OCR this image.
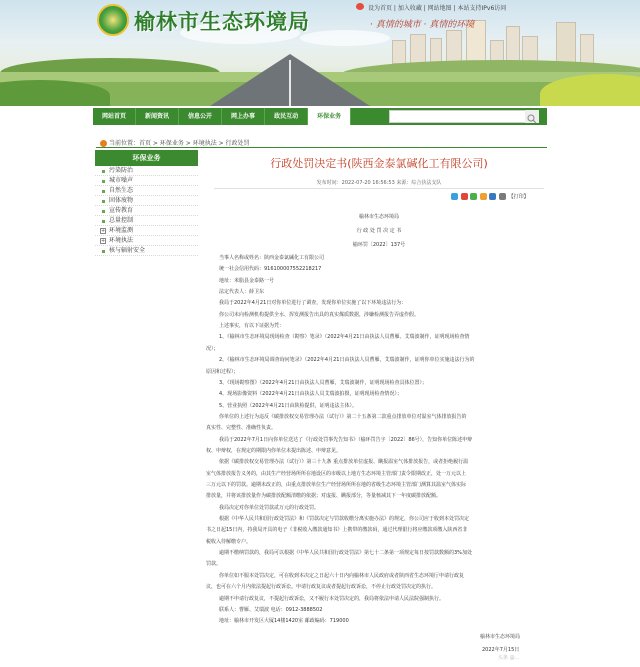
榆林市生态环境局
设为首页 | 加入收藏 | 网站地图 | 本站支持IPv6访问
· 真情的城市 · 真情的环境
网站首页	新闻资讯	信息公开	网上办事	政民互动	环保业务
当前位置：首页 > 环保业务 > 环境执法 > 行政处罚
环保业务
污染防治
城市噪声
自然生态
固体废物
宣传教育
总量控制
+ 环境监测
+ 环境执法
核与辐射安全
行政处罚决定书(陕西金泰氯碱化工有限公司)
发布时间：2022-07-20 16:56:53 来源：综合执法支队
【打印】
榆林市生态环境局
行 政 处 罚 决 定 书
榆环罚〔2022〕137号
当事人名称或姓名：陕西金泰氯碱化工有限公司
统一社会信用代码：916100007552218217
地址：米脂县金泰路一号
法定代表人：薛卫东
我局于2022年4月21日对你单位进行了调查，发现你单位实施了以下环境违法行为：
你公司未向检测机构提供全水、挥发测报告出具的真实煤质数据，涉嫌检测报告弄虚作假。
上述事实，有以下证据为凭：
1、《榆林市生态环境局现场检查（勘察）笔录》（2022年4月21日由执法人员曹雁、艾瑞波制作，证明现场检查情
况）；
2、《榆林市生态环境局调查询问笔录》（2022年4月21日由执法人员曹雁，艾瑞波制作，证明你单位实施违法行为的
原因和过程）；
3、《现场勘察图》（2022年4月21日由执法人员曹雁，艾瑞波制作，证明现场检查具体位置）；
4、现场影像资料（2022年4月21日由执法人员艾瑞波拍摄，证明现场检查情况）；
5、营业执照（2022年4月21日由陕检提供，证明违法主体）。
你单位的上述行为违反《碳排放权交易管理办法（试行）》第二十五条第二款重点排放单位对温室气体排放报告的
真实性、完整性、准确性负责。
我局于2022年7月1日向你单位送达了《行政处罚事先告知书》（榆环罚告字〔2022〕86号），告知你单位陈述申辩
权、申辩权，在规定的期限内你单位未提出陈述、申辩意见。
依据《碳排放权交易管理办法（试行）》第三十九条 重点排放单位虚报、瞒报温室气体排放报告，或者拒绝履行温
室气体排放报告义务的，由其生产经营场所所在地设区的市级以上地方生态环境主管部门责令限期改正，处一万元以上
三万元以下的罚款。逾期未改正的，由重点排放单位生产经营场所所在地的省级生态环境主管部门测算其温室气体实际
排放量，并将该排放量作为碳排放配额清缴的依据；对虚报、瞒报部分，等量核减其下一年度碳排放配额。
我局决定对你单位处罚款贰万元的行政处罚。
根据《中华人民共和国行政处罚法》和《罚款决定与罚款收缴分离实施办法》的规定，你公司应于收到本处罚决定
书之日起15日内，持我局开具的电子《非税收入缴款通知书》上携带的缴款码，通过代理银行将应缴款项缴入陕西省非
税收入待解缴专户。
逾期不缴纳罚款的，我局可以根据《中华人民共和国行政处罚法》第七十二条第一项规定每日按罚款数额的3%加处
罚款。
你单位如不服本处罚决定，可在收到本决定之日起六十日内向榆林市人民政府或者陕西省生态环境厅申请行政复
议，也可在六个月内依法提起行政诉讼。申请行政复议或者提起行政诉讼，不停止行政处罚决定的执行。
逾期不申请行政复议，不提起行政诉讼，又不履行本处罚决定的，我局将依法申请人民法院强制执行。
联系人：曹雁、艾瑞波 电话：0912-3888502
地址：榆林市开发区大厦14楼1420室 邮政编码：719000
榆林市生态环境局
2022年7月15日
头条 @...
